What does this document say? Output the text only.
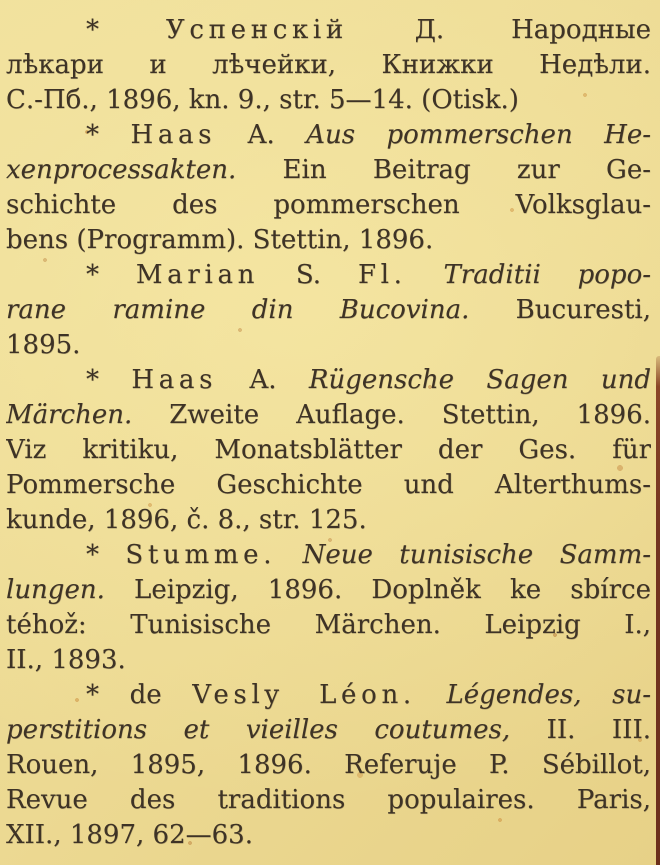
* Успенскій Д. Народные
лѣкари и лѣчейки, Книжки Недѣли.
С.-Пб., 1896, kn. 9., str. 5—14. (Otisk.)
* Haas A. Aus pommerschen He-
xenprocessakten. Ein Beitrag zur Ge-
schichte des pommerschen Volksglau-
bens (Programm). Stettin, 1896.
* Marian S. Fl. Traditii popo-
rane ramine din Bucovina. Bucuresti,
1895.
* Haas A. Rügensche Sagen und
Märchen. Zweite Auflage. Stettin, 1896.
Viz kritiku, Monatsblätter der Ges. für
Pommersche Geschichte und Alterthums-
kunde, 1896, č. 8., str. 125.
* Stumme. Neue tunisische Samm-
lungen. Leipzig, 1896. Doplněk ke sbírce
téhož: Tunisische Märchen. Leipzig I.,
II., 1893.
* de Vesly Léon. Légendes, su-
perstitions et vieilles coutumes, II. III.
Rouen, 1895, 1896. Referuje P. Sébillot,
Revue des traditions populaires. Paris,
XII., 1897, 62—63.
